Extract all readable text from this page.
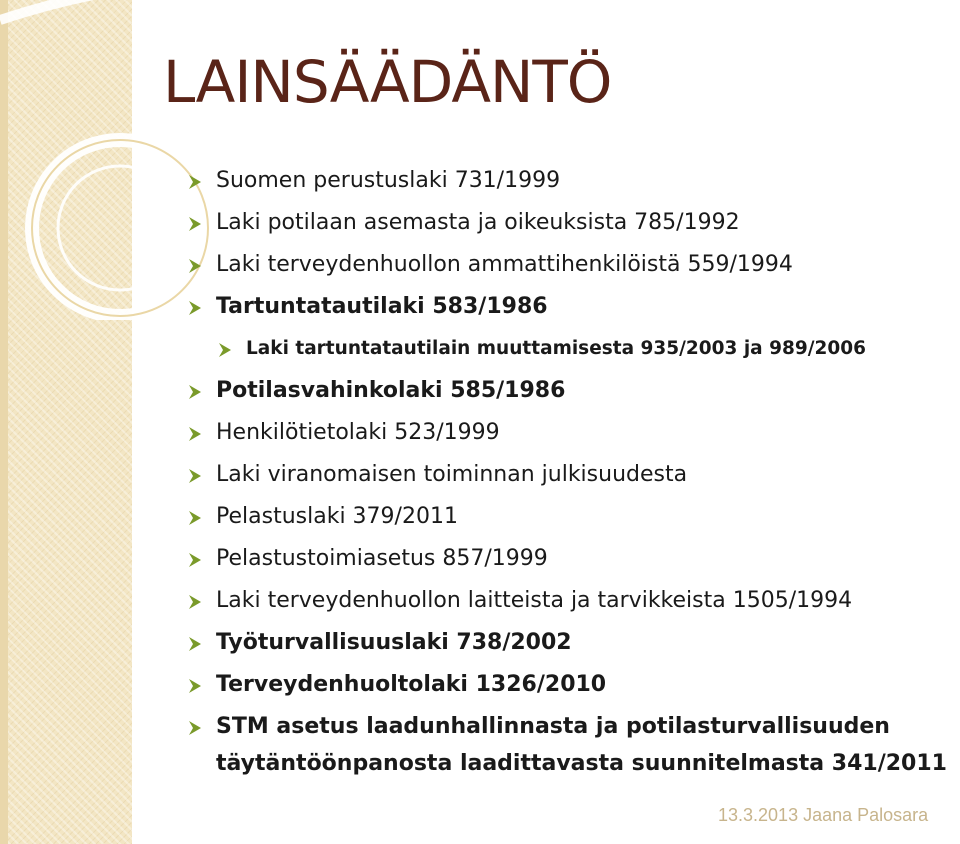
LAINSÄÄDÄNTÖ
Suomen perustuslaki 731/1999
Laki potilaan asemasta ja oikeuksista 785/1992
Laki terveydenhuollon ammattihenkilöistä 559/1994
Tartuntatautilaki 583/1986
Laki tartuntatautilain muuttamisesta 935/2003 ja 989/2006
Potilasvahinkolaki 585/1986
Henkilötietolaki 523/1999
Laki viranomaisen toiminnan julkisuudesta
Pelastuslaki 379/2011
Pelastustoimiasetus 857/1999
Laki terveydenhuollon laitteista ja tarvikkeista 1505/1994
Työturvallisuuslaki 738/2002
Terveydenhuoltolaki 1326/2010
STM asetus laadunhallinnasta ja potilasturvallisuuden täytäntöönpanosta laadittavasta suunnitelmasta 341/2011
13.3.2013 Jaana Palosara
